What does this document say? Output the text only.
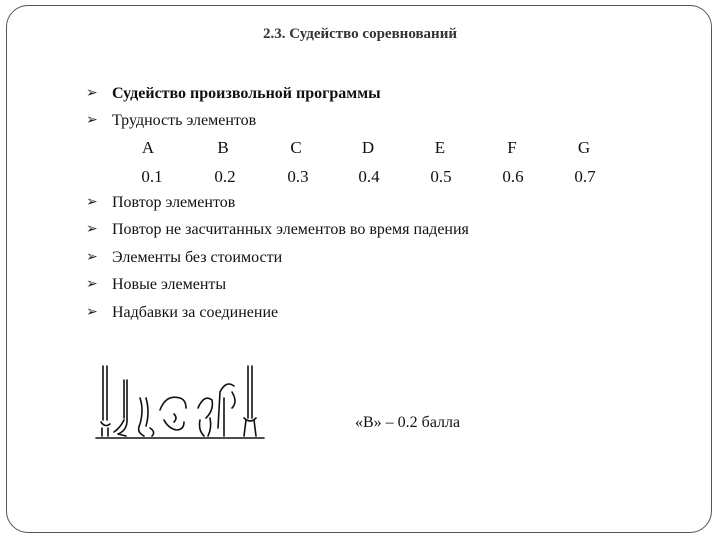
2.3. Судейство соревнований
➢ Судейство произвольной программы
➢ Трудность элементов
A	B	C	D	E	F	G
0.1	0.2	0.3	0.4	0.5	0.6	0.7
➢ Повтор элементов
➢ Повтор не засчитанных элементов во время падения
➢ Элементы без стоимости
➢ Новые элементы
➢ Надбавки за соединение
«B» – 0.2 балла
